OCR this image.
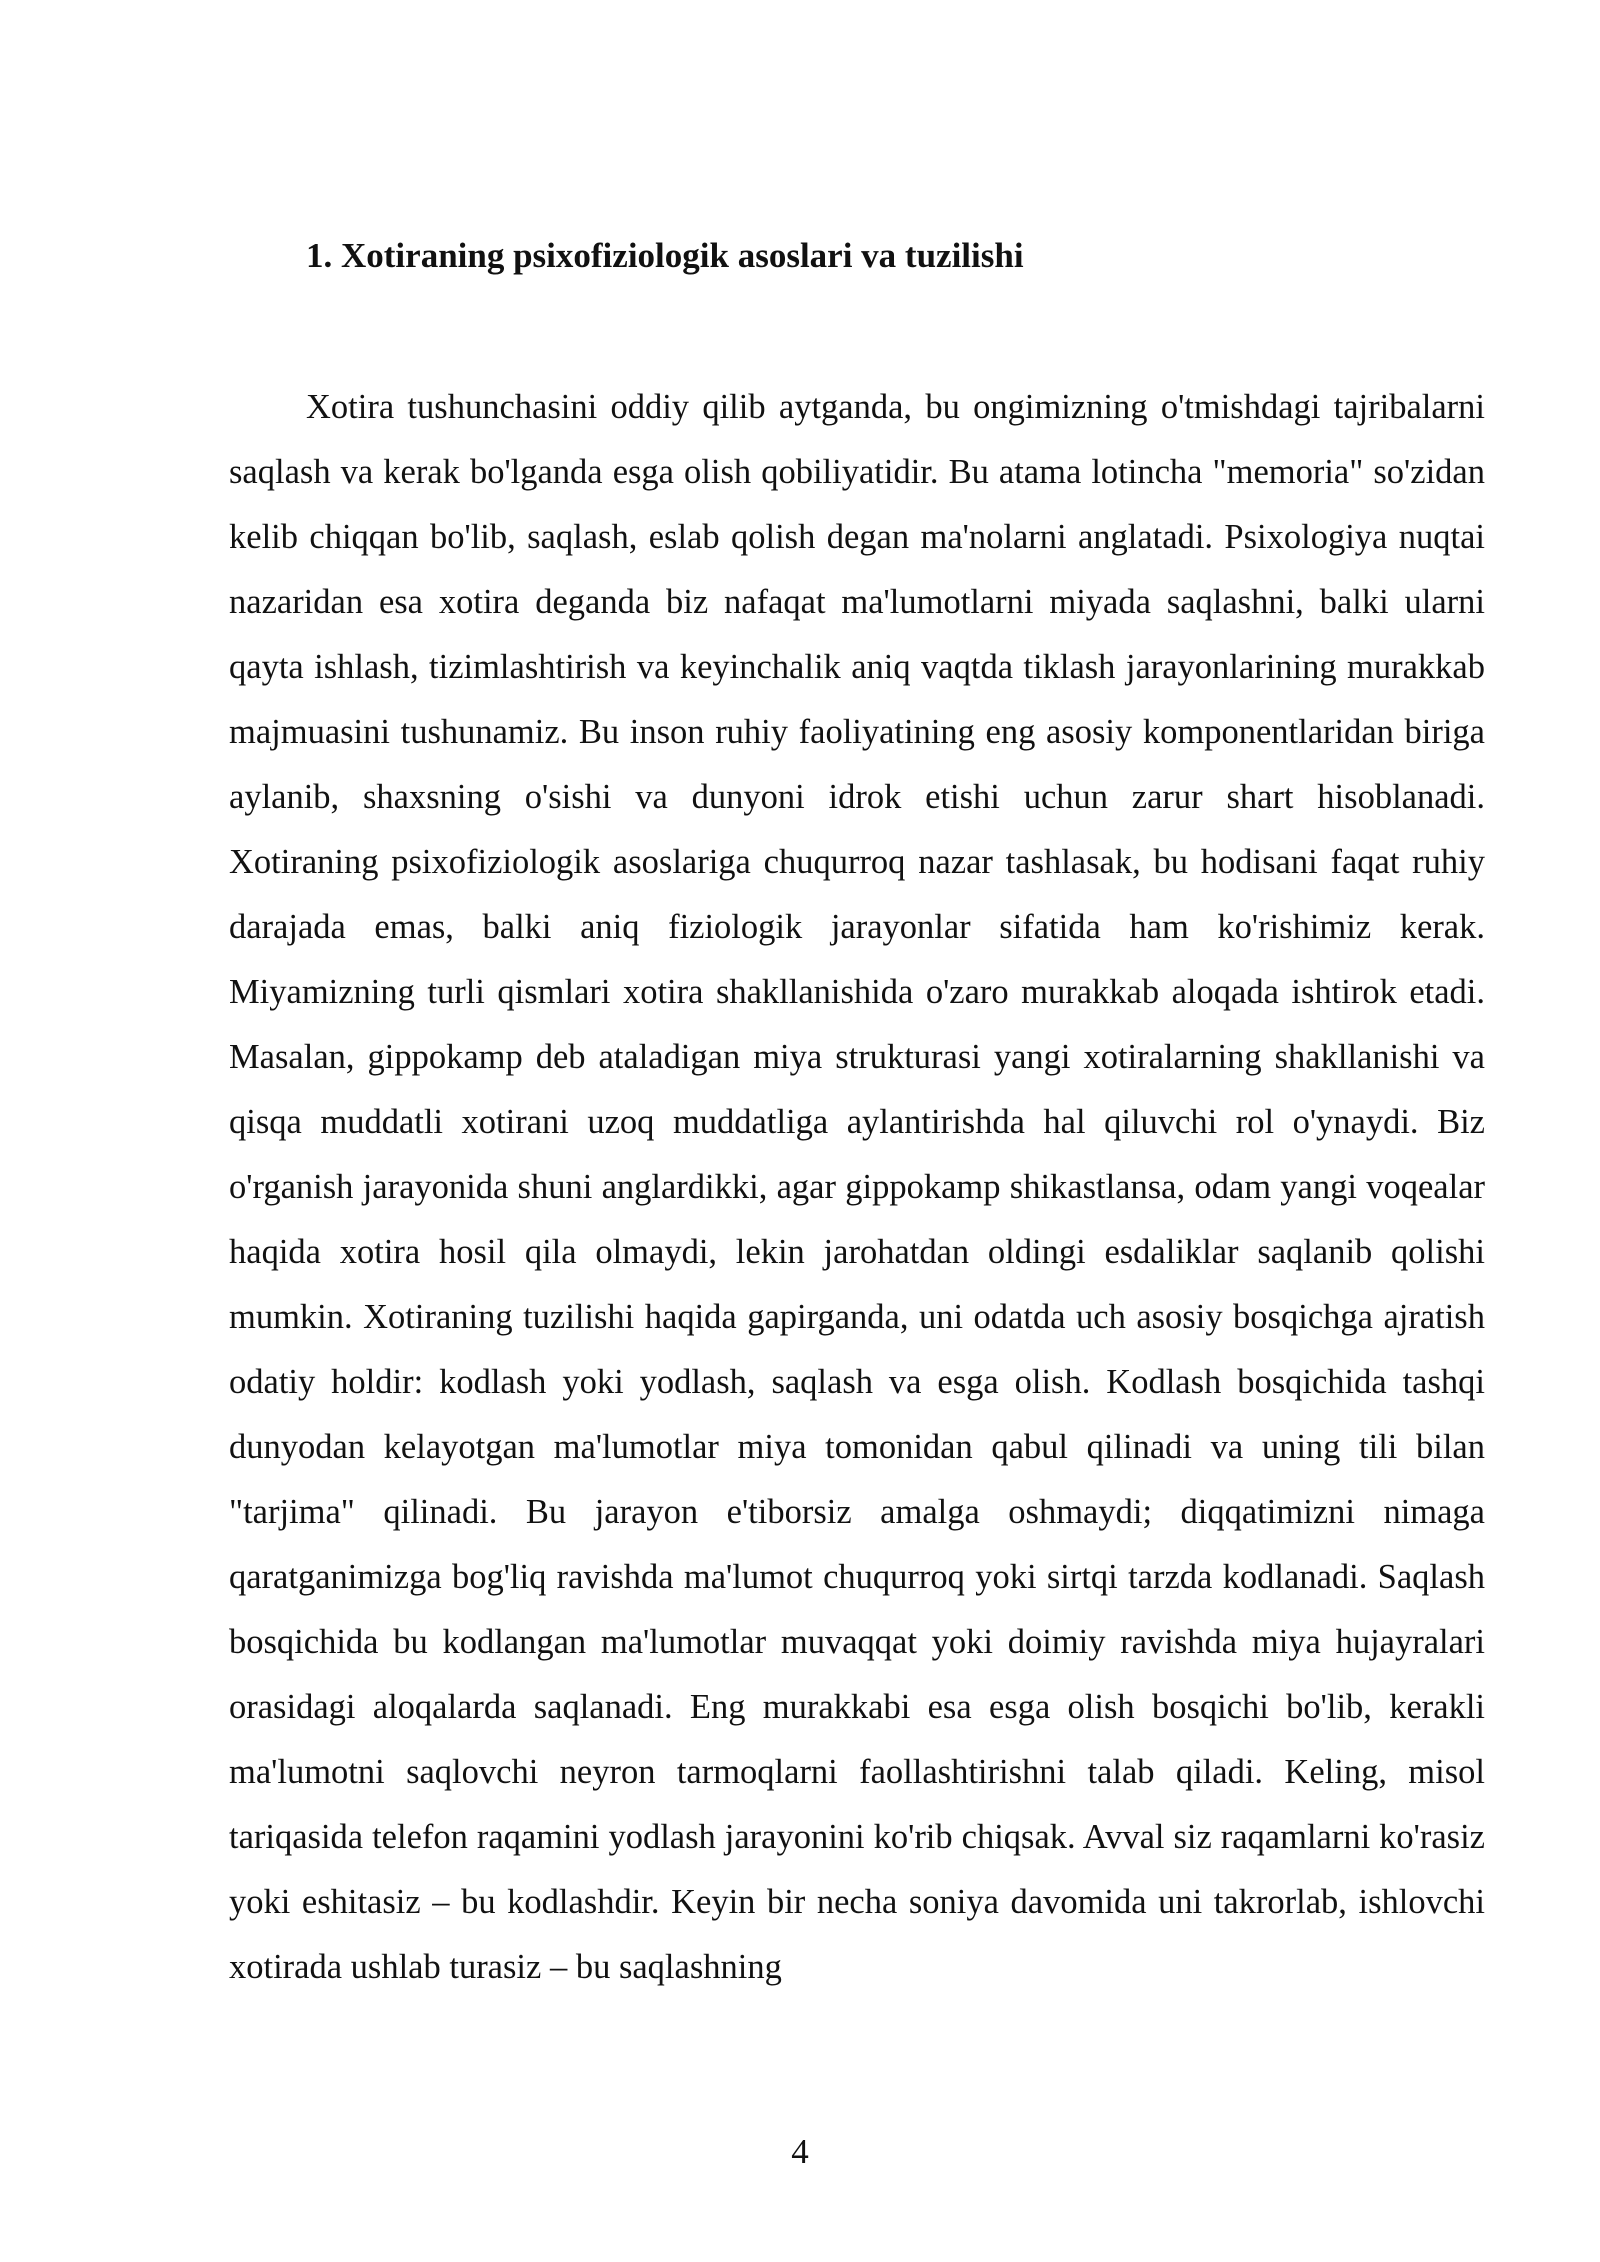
1. Xotiraning psixofiziologik asoslari va tuzilishi

Xotira tushunchasini oddiy qilib aytganda, bu ongimizning o'tmishdagi tajribalarni saqlash va kerak bo'lganda esga olish qobiliyatidir. Bu atama lotincha "memoria" so'zidan kelib chiqqan bo'lib, saqlash, eslab qolish degan ma'nolarni anglatadi. Psixologiya nuqtai nazaridan esa xotira deganda biz nafaqat ma'lumotlarni miyada saqlashni, balki ularni qayta ishlash, tizimlashtirish va keyinchalik aniq vaqtda tiklash jarayonlarining murakkab majmuasini tushunamiz. Bu inson ruhiy faoliyatining eng asosiy komponentlaridan biriga aylanib, shaxsning o'sishi va dunyoni idrok etishi uchun zarur shart hisoblanadi. Xotiraning psixofiziologik asoslariga chuqurroq nazar tashlasak, bu hodisani faqat ruhiy darajada emas, balki aniq fiziologik jarayonlar sifatida ham ko'rishimiz kerak. Miyamizning turli qismlari xotira shakllanishida o'zaro murakkab aloqada ishtirok etadi. Masalan, gippokamp deb ataladigan miya strukturasi yangi xotiralarning shakllanishi va qisqa muddatli xotirani uzoq muddatliga aylantirishda hal qiluvchi rol o'ynaydi. Biz o'rganish jarayonida shuni anglardikki, agar gippokamp shikastlansa, odam yangi voqealar haqida xotira hosil qila olmaydi, lekin jarohatdan oldingi esdaliklar saqlanib qolishi mumkin. Xotiraning tuzilishi haqida gapirganda, uni odatda uch asosiy bosqichga ajratish odatiy holdir: kodlash yoki yodlash, saqlash va esga olish. Kodlash bosqichida tashqi dunyodan kelayotgan ma'lumotlar miya tomonidan qabul qilinadi va uning tili bilan "tarjima" qilinadi. Bu jarayon e'tiborsiz amalga oshmaydi; diqqatimizni nimaga qaratganimizga bog'liq ravishda ma'lumot chuqurroq yoki sirtqi tarzda kodlanadi. Saqlash bosqichida bu kodlangan ma'lumotlar muvaqqat yoki doimiy ravishda miya hujayralari orasidagi aloqalarda saqlanadi. Eng murakkabi esa esga olish bosqichi bo'lib, kerakli ma'lumotni saqlovchi neyron tarmoqlarni faollashtirishni talab qiladi. Keling, misol tariqasida telefon raqamini yodlash jarayonini ko'rib chiqsak. Avval siz raqamlarni ko'rasiz yoki eshitasiz – bu kodlashdir. Keyin bir necha soniya davomida uni takrorlab, ishlovchi xotirada ushlab turasiz – bu saqlashning

4
